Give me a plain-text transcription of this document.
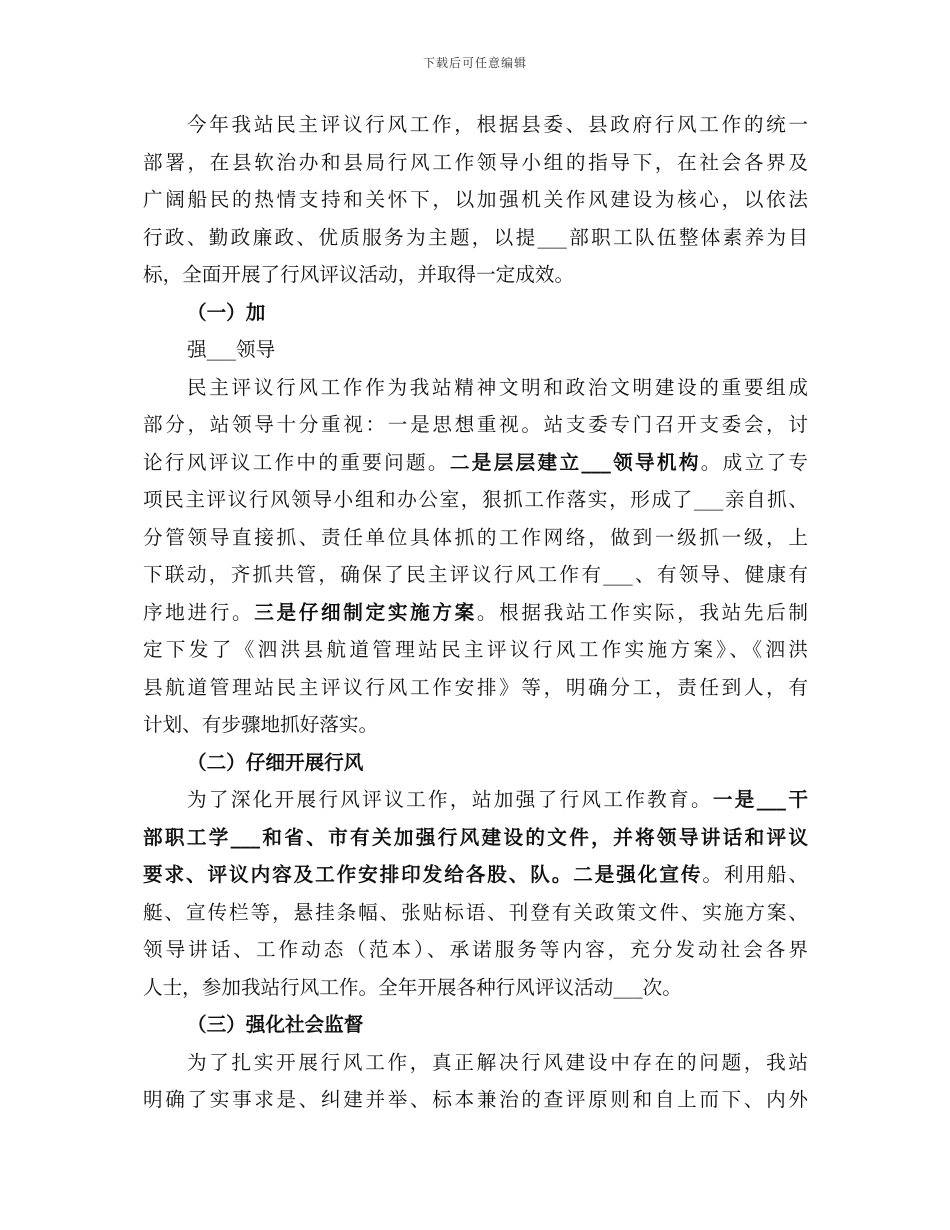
下载后可任意编辑
今年我站民主评议行风工作，根据县委、县政府行风工作的统一
部署，在县软治办和县局行风工作领导小组的指导下，在社会各界及
广阔船民的热情支持和关怀下，以加强机关作风建设为核心，以依法
行政、勤政廉政、优质服务为主题，以提___部职工队伍整体素养为目
标，全面开展了行风评议活动，并取得一定成效。
（一）加
强___领导
民主评议行风工作作为我站精神文明和政治文明建设的重要组成
部分，站领导十分重视：一是思想重视。站支委专门召开支委会，讨
论行风评议工作中的重要问题。二是层层建立___领导机构。成立了专
项民主评议行风领导小组和办公室，狠抓工作落实，形成了___亲自抓、
分管领导直接抓、责任单位具体抓的工作网络，做到一级抓一级，上
下联动，齐抓共管，确保了民主评议行风工作有___、有领导、健康有
序地进行。三是仔细制定实施方案。根据我站工作实际，我站先后制
定下发了《泗洪县航道管理站民主评议行风工作实施方案》、《泗洪
县航道管理站民主评议行风工作安排》等，明确分工，责任到人，有
计划、有步骤地抓好落实。
（二）仔细开展行风
为了深化开展行风评议工作，站加强了行风工作教育。一是___干
部职工学___和省、市有关加强行风建设的文件，并将领导讲话和评议
要求、评议内容及工作安排印发给各股、队。二是强化宣传。利用船、
艇、宣传栏等，悬挂条幅、张贴标语、刊登有关政策文件、实施方案、
领导讲话、工作动态（范本）、承诺服务等内容，充分发动社会各界
人士，参加我站行风工作。全年开展各种行风评议活动___次。
（三）强化社会监督
为了扎实开展行风工作，真正解决行风建设中存在的问题，我站
明确了实事求是、纠建并举、标本兼治的查评原则和自上而下、内外
